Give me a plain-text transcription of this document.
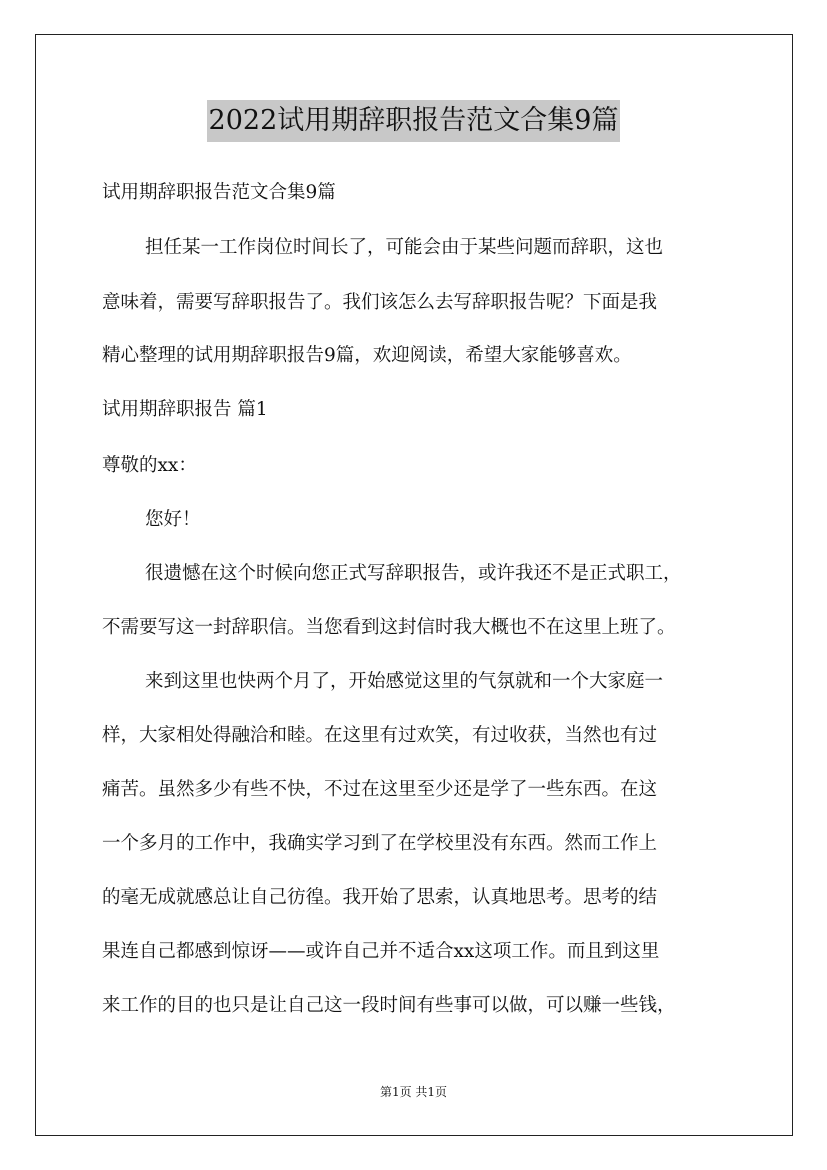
2022试用期辞职报告范文合集9篇
试用期辞职报告范文合集9篇
担任某一工作岗位时间长了，可能会由于某些问题而辞职，这也
意味着，需要写辞职报告了。我们该怎么去写辞职报告呢？下面是我
精心整理的试用期辞职报告9篇，欢迎阅读，希望大家能够喜欢。
试用期辞职报告 篇1
尊敬的xx：
您好！
很遗憾在这个时候向您正式写辞职报告，或许我还不是正式职工，
不需要写这一封辞职信。当您看到这封信时我大概也不在这里上班了。
来到这里也快两个月了，开始感觉这里的气氛就和一个大家庭一
样，大家相处得融洽和睦。在这里有过欢笑，有过收获，当然也有过
痛苦。虽然多少有些不快，不过在这里至少还是学了一些东西。在这
一个多月的工作中，我确实学习到了在学校里没有东西。然而工作上
的毫无成就感总让自己彷徨。我开始了思索，认真地思考。思考的结
果连自己都感到惊讶——或许自己并不适合xx这项工作。而且到这里
来工作的目的也只是让自己这一段时间有些事可以做，可以赚一些钱，
第1页 共1页
